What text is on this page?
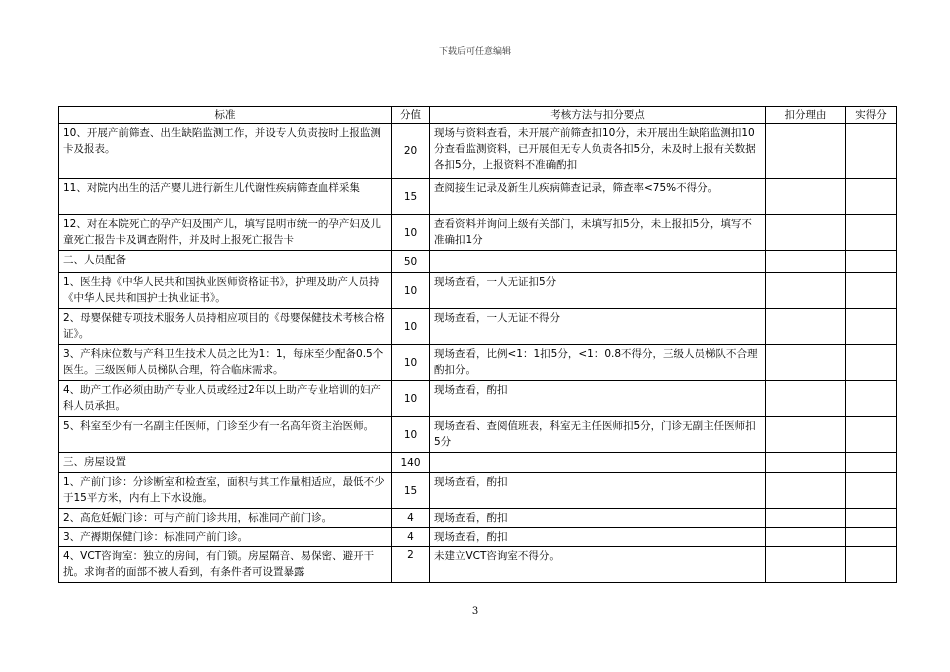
下载后可任意编辑
标准	分值	考核方法与扣分要点	扣分理由	实得分
10、开展产前筛查、出生缺陷监测工作，并设专人负责按时上报监测卡及报表。	20	现场与资料查看，未开展产前筛查扣10分，未开展出生缺陷监测扣10分查看监测资料，已开展但无专人负责各扣5分，未及时上报有关数据各扣5分，上报资料不准确酌扣		
11、对院内出生的活产婴儿进行新生儿代谢性疾病筛查血样采集	15	查阅接生记录及新生儿疾病筛查记录，筛查率<75%不得分。		
12、对在本院死亡的孕产妇及围产儿，填写昆明市统一的孕产妇及儿童死亡报告卡及调查附件，并及时上报死亡报告卡	10	查看资料并询问上级有关部门，未填写扣5分，未上报扣5分，填写不准确扣1分		
二、人员配备	50			
1、医生持《中华人民共和国执业医师资格证书》，护理及助产人员持《中华人民共和国护士执业证书》。	10	现场查看，一人无证扣5分		
2、母婴保健专项技术服务人员持相应项目的《母婴保健技术考核合格证》。	10	现场查看，一人无证不得分		
3、产科床位数与产科卫生技术人员之比为1：1，每床至少配备0.5个医生。三级医师人员梯队合理，符合临床需求。	10	现场查看，比例<1：1扣5分，<1：0.8不得分，三级人员梯队不合理酌扣分。		
4、助产工作必须由助产专业人员或经过2年以上助产专业培训的妇产科人员承担。	10	现场查看，酌扣		
5、科室至少有一名副主任医师，门诊至少有一名高年资主治医师。	10	现场查看、查阅值班表，科室无主任医师扣5分，门诊无副主任医师扣5分		
三、房屋设置	140			
1、产前门诊：分诊断室和检查室，面积与其工作量相适应，最低不少于15平方米，内有上下水设施。	15	现场查看，酌扣		
2、高危妊娠门诊：可与产前门诊共用，标准同产前门诊。	4	现场查看，酌扣		
3、产褥期保健门诊：标准同产前门诊。	4	现场查看，酌扣		
4、VCT咨询室：独立的房间，有门锁。房屋隔音、易保密、避开干扰。求询者的面部不被人看到，有条件者可设置暴露	2	未建立VCT咨询室不得分。		
3
